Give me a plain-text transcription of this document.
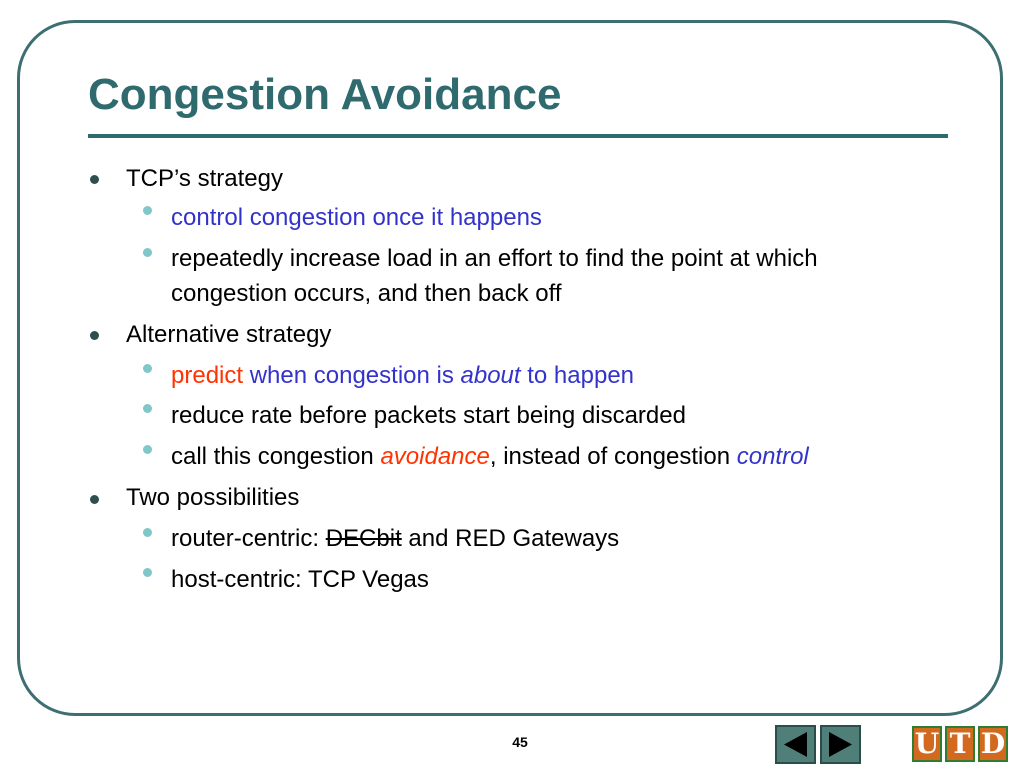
Congestion Avoidance
TCP’s strategy
control congestion once it happens
repeatedly increase load in an effort to find the point at which
congestion occurs, and then back off
Alternative strategy
predict when congestion is about to happen
reduce rate before packets start being discarded
call this congestion avoidance, instead of congestion control
Two possibilities
router-centric: DECbit and RED Gateways
host-centric: TCP Vegas
45	U T D
